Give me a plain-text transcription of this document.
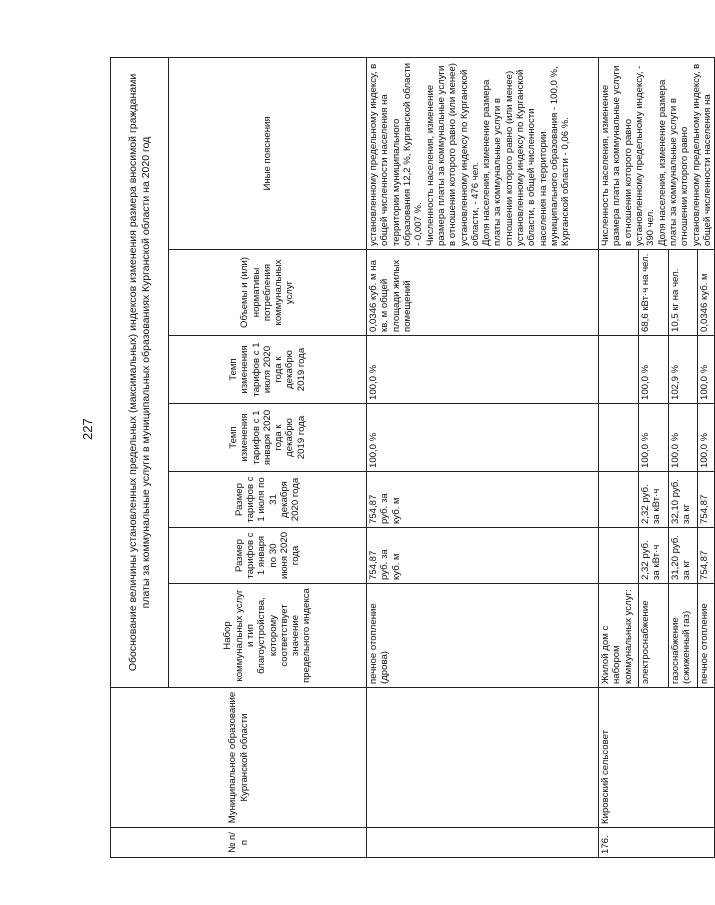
227
№ п/п	Муниципальное образование Курганской области	Обоснование величины установленных предельных (максимальных) индексов изменения размера вносимой гражданами платы за коммунальные услуги в муниципальных образованиях Курганской области на 2020 год						
		Набор коммунальных услуг и тип благоустройства, которому соответствует значение предельного индекса	Размер тарифов с 1 января по 30 июня 2020 года	Размер тарифов с 1 июля по 31 декабря 2020 года	Темп изменения тарифов с 1 января 2020 года к декабрю 2019 года	Темп изменения тарифов с 1 июля 2020 года к декабрю 2019 года	Объемы и (или) нормативы потребления коммунальных услуг	Иные пояснения
		печное отопление (дрова)	754,87 руб. за куб. м	754,87 руб. за куб. м	100,0 %	100,0 %	0,0346 куб. м на кв. м общей площади жилых помещений	установленному предельному индексу, в общей численности населения на территории муниципального образования 12,2 %, Курганской области - 0,007 %. Численность населения, изменение размера платы за коммунальные услуги в отношении которого равно (или менее) установленному индексу по Курганской области, - 476 чел. Доля населения, изменение размера платы за коммунальные услуги в отношении которого равно (или менее) установленному индексу по Курганской области, в общей численности населения на территории муниципального образования - 100,0 %, Курганской области - 0,06 %.

176.	Кировский сельсовет	Жилой дом с набором коммунальных услуг:						Численность населения, изменение размера платы за коммунальные услуги в отношении которого равно установленному предельному индексу, - 390 чел. Доля населения, изменение размера платы за коммунальные услуги в отношении которого равно установленному предельному индексу, в общей численности населения на

		электроснабжение	2,32 руб. за кВт·ч	2,32 руб. за кВт·ч	100,0 %	100,0 %	68,6 кВт·ч на чел.	
		газоснабжение (сжиженный газ)	31,20 руб. за кг	32,10 руб. за кг	100,0 %	102,9 %	10,5 кг на чел.	
		печное отопление	754,87	754,87	100,0 %	100,0 %	0,0346 куб. м	
